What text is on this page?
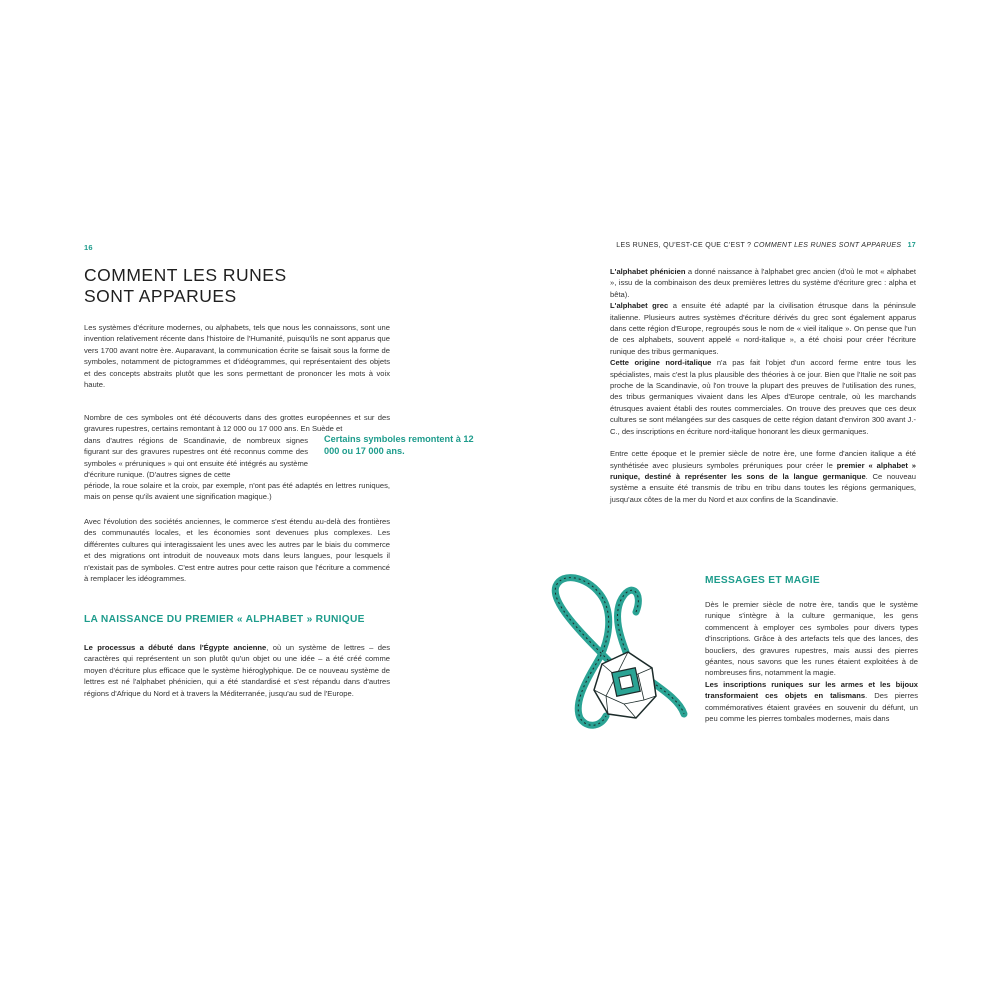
16
COMMENT LES RUNES
SONT APPARUES

Les systèmes d'écriture modernes, ou alphabets, tels que nous les connaissons, sont une invention relativement récente dans l'histoire de l'Humanité, puisqu'ils ne sont apparus que vers 1700 avant notre ère. Auparavant, la communication écrite se faisait sous la forme de symboles, notamment de pictogrammes et d'idéogrammes, qui représentaient des objets et des concepts abstraits plutôt que les sons permettant de prononcer les mots à voix haute.

Nombre de ces symboles ont été découverts dans des grottes européennes et sur des gravures rupestres, certains remontant à 12 000 ou 17 000 ans. En Suède et

dans d'autres régions de Scandinavie, de nombreux signes figurant sur des gravures rupestres ont été reconnus comme des symboles « préruniques » qui ont ensuite été intégrés au système d'écriture runique. (D'autres signes de cette

période, la roue solaire et la croix, par exemple, n'ont pas été adaptés en lettres runiques, mais on pense qu'ils avaient une signification magique.)

Certains symboles remontent à 12 000 ou 17 000 ans.

Avec l'évolution des sociétés anciennes, le commerce s'est étendu au-delà des frontières des communautés locales, et les économies sont devenues plus complexes. Les différentes cultures qui interagissaient les unes avec les autres par le biais du commerce et des migrations ont introduit de nouveaux mots dans leurs langues, pour lesquels il n'existait pas de symboles. C'est entre autres pour cette raison que l'écriture a commencé à remplacer les idéogrammes.

LA NAISSANCE DU PREMIER « ALPHABET » RUNIQUE

Le processus a débuté dans l'Égypte ancienne, où un système de lettres – des caractères qui représentent un son plutôt qu'un objet ou une idée – a été créé comme moyen d'écriture plus efficace que le système hiéroglyphique. De ce nouveau système de lettres est né l'alphabet phénicien, qui a été standardisé et s'est répandu dans d'autres régions d'Afrique du Nord et à travers la Méditerranée, jusqu'au sud de l'Europe.

LES RUNES, QU'EST-CE QUE C'EST ? COMMENT LES RUNES SONT APPARUES 17

L'alphabet phénicien a donné naissance à l'alphabet grec ancien (d'où le mot « alphabet », issu de la combinaison des deux premières lettres du système d'écriture grec : alpha et bêta).

L'alphabet grec a ensuite été adapté par la civilisation étrusque dans la péninsule italienne. Plusieurs autres systèmes d'écriture dérivés du grec sont également apparus dans cette région d'Europe, regroupés sous le nom de « vieil italique ». On pense que l'un de ces alphabets, souvent appelé « nord-italique », a été choisi pour créer l'écriture runique des tribus germaniques.

Cette origine nord-italique n'a pas fait l'objet d'un accord ferme entre tous les spécialistes, mais c'est la plus plausible des théories à ce jour. Bien que l'Italie ne soit pas proche de la Scandinavie, où l'on trouve la plupart des preuves de l'utilisation des runes, des tribus germaniques vivaient dans les Alpes d'Europe centrale, où les marchands étrusques avaient établi des routes commerciales. On trouve des preuves que ces deux cultures se sont mélangées sur des casques de cette région datant d'environ 300 avant J.-C., des inscriptions en écriture nord-italique honorant les dieux germaniques.

Entre cette époque et le premier siècle de notre ère, une forme d'ancien italique a été synthétisée avec plusieurs symboles préruniques pour créer le premier « alphabet » runique, destiné à représenter les sons de la langue germanique. Ce nouveau système a ensuite été transmis de tribu en tribu dans toutes les régions germaniques, jusqu'aux côtes de la mer du Nord et aux confins de la Scandinavie.

MESSAGES ET MAGIE

Dès le premier siècle de notre ère, tandis que le système runique s'intègre à la culture germanique, les gens commencent à employer ces symboles pour divers types d'inscriptions. Grâce à des artefacts tels que des lances, des boucliers, des gravures rupestres, mais aussi des pierres géantes, nous savons que les runes étaient exploitées à de nombreuses fins, notamment la magie.

Les inscriptions runiques sur les armes et les bijoux transformaient ces objets en talismans. Des pierres commémoratives étaient gravées en souvenir du défunt, un peu comme les pierres tombales modernes, mais dans
